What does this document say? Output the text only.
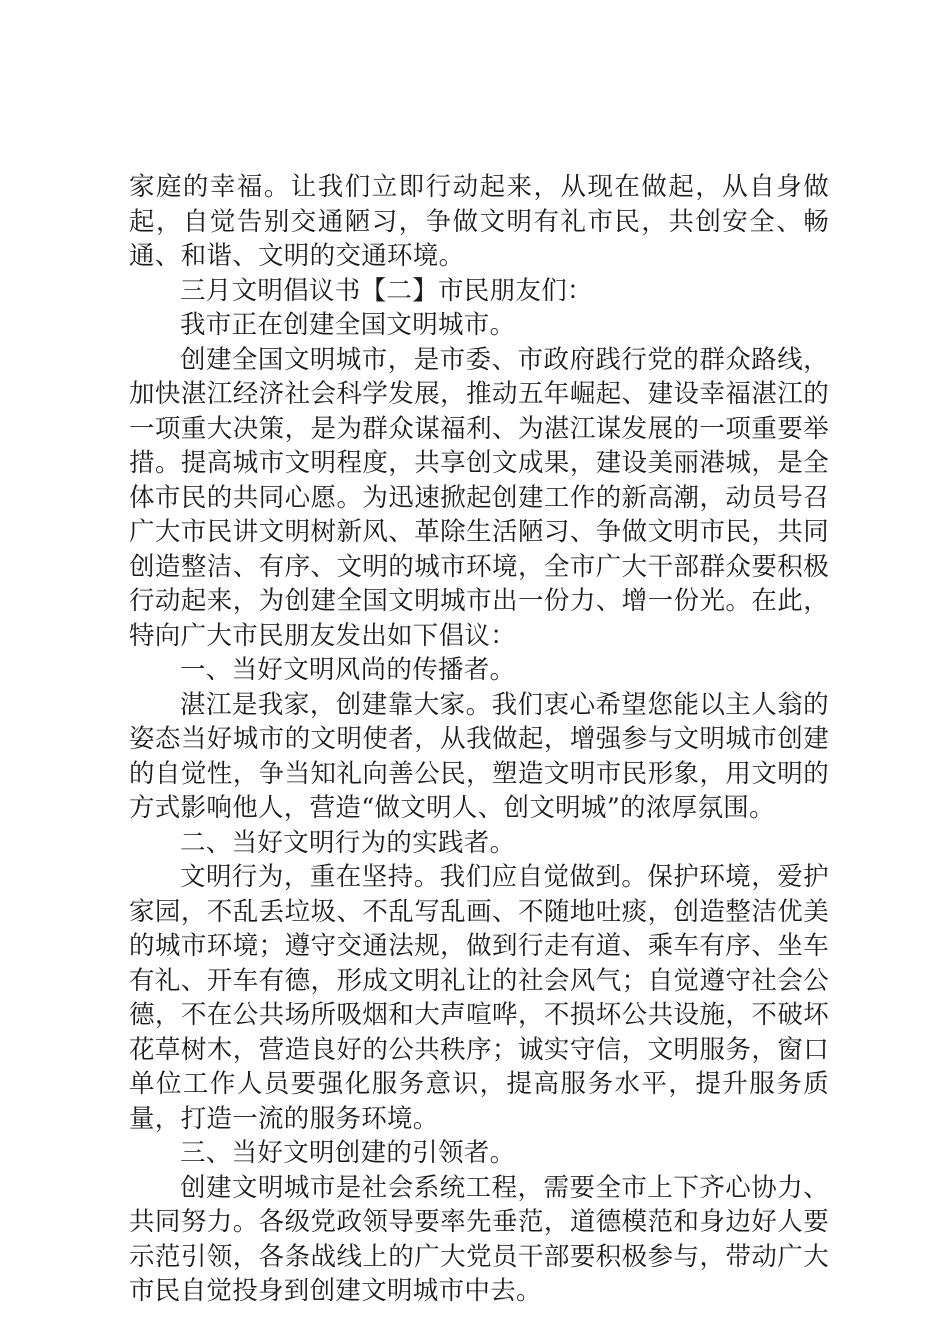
家庭的幸福。让我们立即行动起来，从现在做起，从自身做起，自觉告别交通陋习，争做文明有礼市民，共创安全、畅通、和谐、文明的交通环境。

三月文明倡议书【二】市民朋友们：

我市正在创建全国文明城市。

创建全国文明城市，是市委、市政府践行党的群众路线，加快湛江经济社会科学发展，推动五年崛起、建设幸福湛江的一项重大决策，是为群众谋福利、为湛江谋发展的一项重要举措。提高城市文明程度，共享创文成果，建设美丽港城，是全体市民的共同心愿。为迅速掀起创建工作的新高潮，动员号召广大市民讲文明树新风、革除生活陋习、争做文明市民，共同创造整洁、有序、文明的城市环境，全市广大干部群众要积极行动起来，为创建全国文明城市出一份力、增一份光。在此，特向广大市民朋友发出如下倡议：

一、当好文明风尚的传播者。

湛江是我家，创建靠大家。我们衷心希望您能以主人翁的姿态当好城市的文明使者，从我做起，增强参与文明城市创建的自觉性，争当知礼向善公民，塑造文明市民形象，用文明的方式影响他人，营造“做文明人、创文明城”的浓厚氛围。

二、当好文明行为的实践者。

文明行为，重在坚持。我们应自觉做到。保护环境，爱护家园，不乱丢垃圾、不乱写乱画、不随地吐痰，创造整洁优美的城市环境；遵守交通法规，做到行走有道、乘车有序、坐车有礼、开车有德，形成文明礼让的社会风气；自觉遵守社会公德，不在公共场所吸烟和大声喧哗，不损坏公共设施，不破坏花草树木，营造良好的公共秩序；诚实守信，文明服务，窗口单位工作人员要强化服务意识，提高服务水平，提升服务质量，打造一流的服务环境。

三、当好文明创建的引领者。

创建文明城市是社会系统工程，需要全市上下齐心协力、共同努力。各级党政领导要率先垂范，道德模范和身边好人要示范引领，各条战线上的广大党员干部要积极参与，带动广大市民自觉投身到创建文明城市中去。
